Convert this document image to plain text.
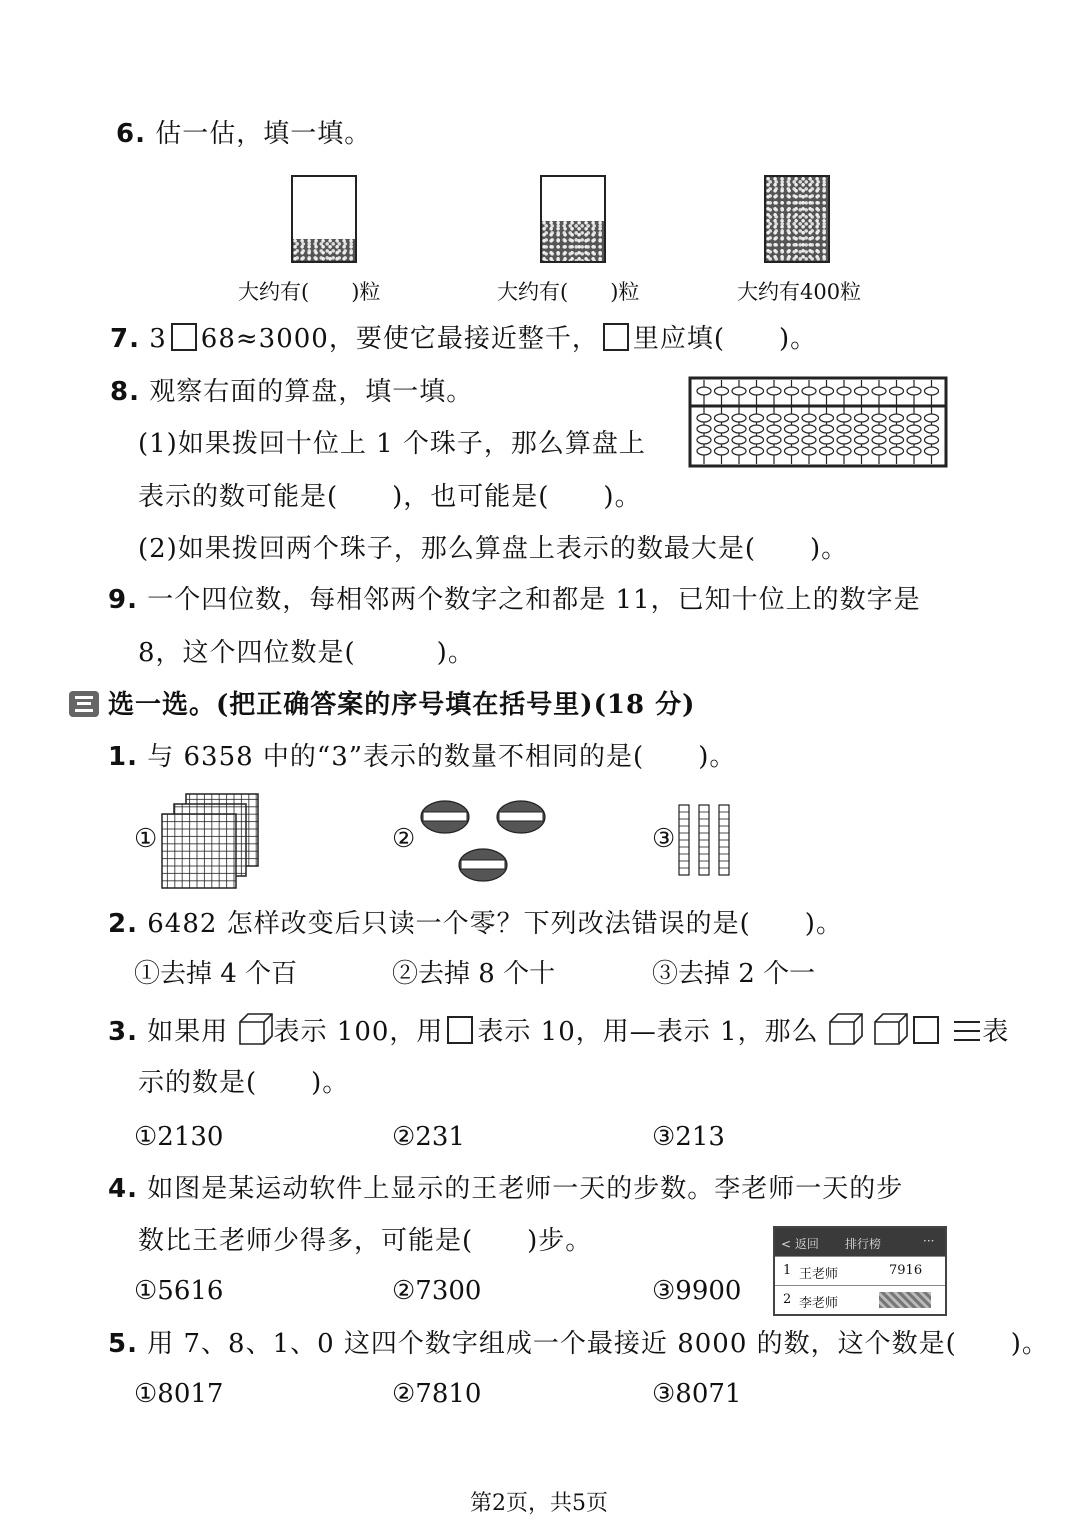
6. 估一估，填一填。
大约有(　　)粒	大约有(　　)粒	大约有400粒
7. 3 68≈3000，要使它最接近整千， 里应填(　　)。
8. 观察右面的算盘，填一填。
(1)如果拨回十位上 1 个珠子，那么算盘上
表示的数可能是(　　)，也可能是(　　)。
(2)如果拨回两个珠子，那么算盘上表示的数最大是(　　)。
9. 一个四位数，每相邻两个数字之和都是 11，已知十位上的数字是
8，这个四位数是(　　　)。
选一选。(把正确答案的序号填在括号里)(18 分)
1. 与 6358 中的“3”表示的数量不相同的是(　　)。
①	②	③
2. 6482 怎样改变后只读一个零？下列改法错误的是(　　)。
①去掉 4 个百	②去掉 8 个十	③去掉 2 个一
3. 如果用 表示 100，用 表示 10，用—表示 1，那么	表
示的数是(　　)。
①2130	②231	③213
4. 如图是某运动软件上显示的王老师一天的步数。李老师一天的步
数比王老师少得多，可能是(　　)步。
①5616	②7300	③9900
< 返回 排行榜	···
1 王老师	7916
2 李老师
5. 用 7、8、1、0 这四个数字组成一个最接近 8000 的数，这个数是(　　)。
①8017	②7810	③8071
第2页，共5页
